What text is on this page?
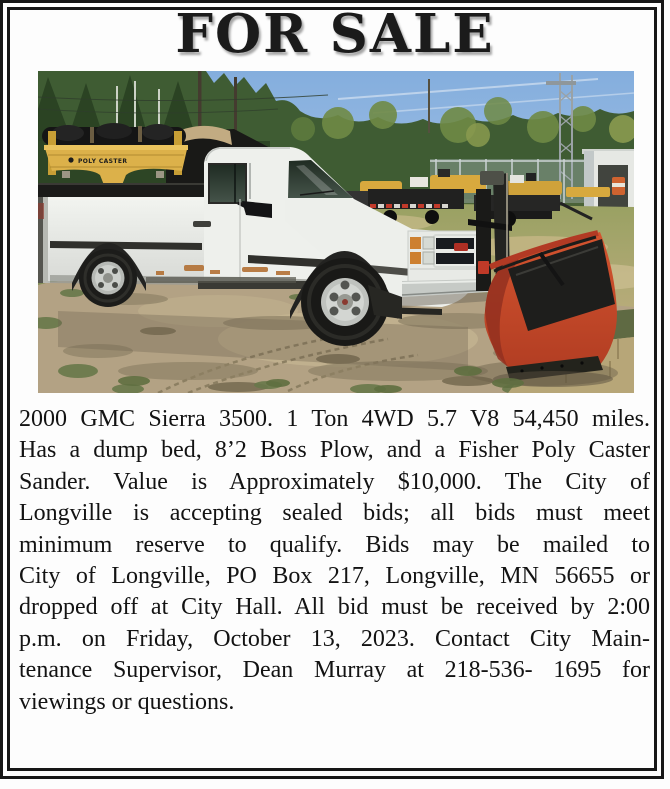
FOR SALE
POLY CASTER
2000 GMC Sierra 3500. 1 Ton 4WD 5.7 V8 54,450 miles.
Has a dump bed, 8’2 Boss Plow, and a Fisher Poly Caster
Sander. Value is Approximately $10,000. The City of
Longville is accepting sealed bids; all bids must meet
minimum reserve to qualify. Bids may be mailed to
City of Longville, PO Box 217, Longville, MN 56655 or
dropped off at City Hall. All bid must be received by 2:00
p.m. on Friday, October 13, 2023. Contact City Main-
tenance Supervisor, Dean Murray at 218-536- 1695 for
viewings or questions.
